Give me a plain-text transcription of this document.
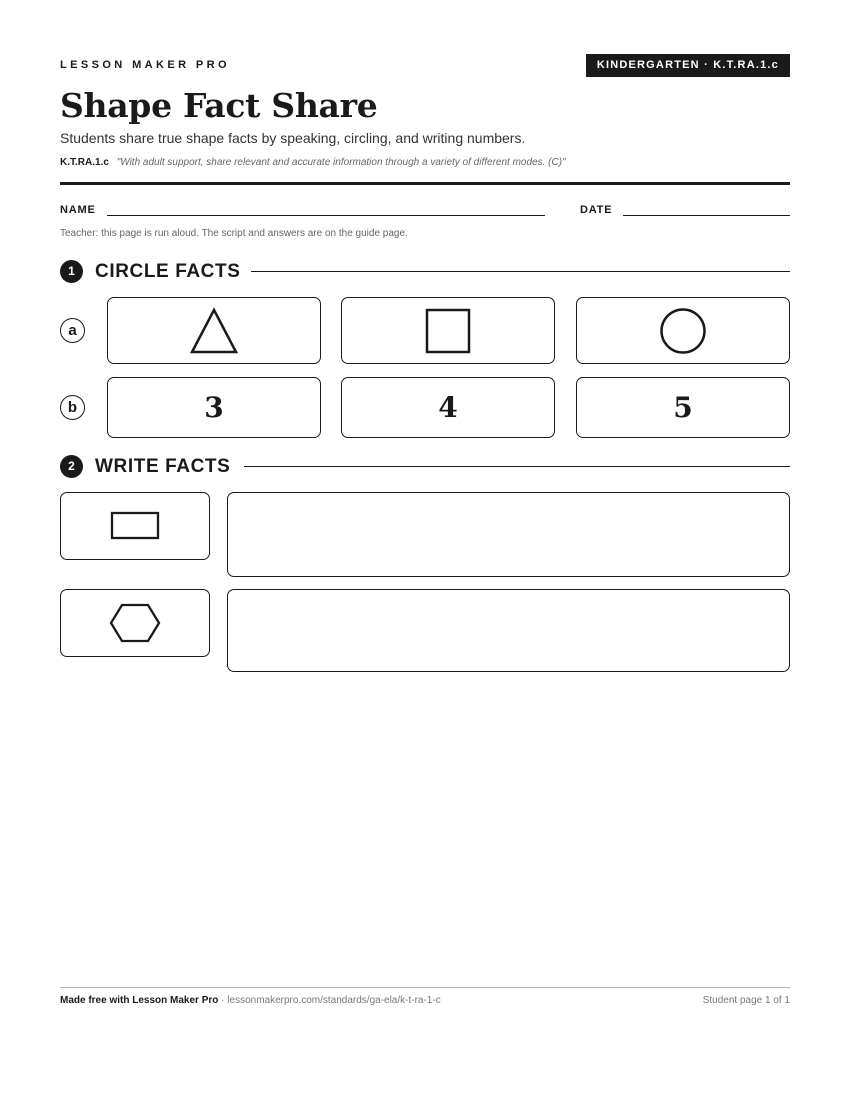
LESSON MAKER PRO	KINDERGARTEN · K.T.RA.1.c
Shape Fact Share
Students share true shape facts by speaking, circling, and writing numbers.
K.T.RA.1.c "With adult support, share relevant and accurate information through a variety of different modes. (C)"
NAME	DATE
Teacher: this page is run aloud. The script and answers are on the guide page.
1	CIRCLE FACTS
a
b	3	4	5
2	WRITE FACTS
Made free with Lesson Maker Pro · lessonmakerpro.com/standards/ga-ela/k-t-ra-1-c	Student page 1 of 1
